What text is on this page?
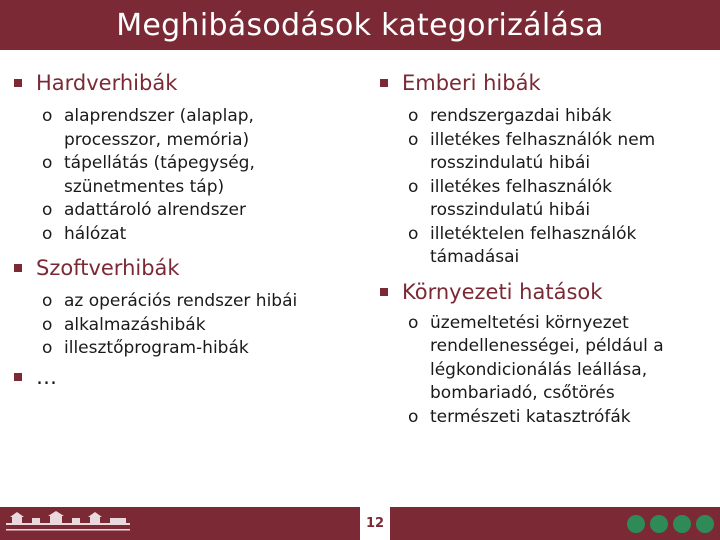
Meghibásodások kategorizálása
Hardverhibák
o alaprendszer (alaplap, processzor, memória)
o tápellátás (tápegység, szünetmentes táp)
o adattároló alrendszer
o hálózat
Szoftverhibák
o az operációs rendszer hibái
o alkalmazáshibák
o illesztőprogram-hibák
…
Emberi hibák
o rendszergazdai hibák
o illetékes felhasználók nem rosszindulatú hibái
o illetékes felhasználók rosszindulatú hibái
o illetéktelen felhasználók támadásai
Környezeti hatások
o üzemeltetési környezet rendellenességei, például a légkondicionálás leállása, bombariadó, csőtörés
o természeti katasztrófák
12
